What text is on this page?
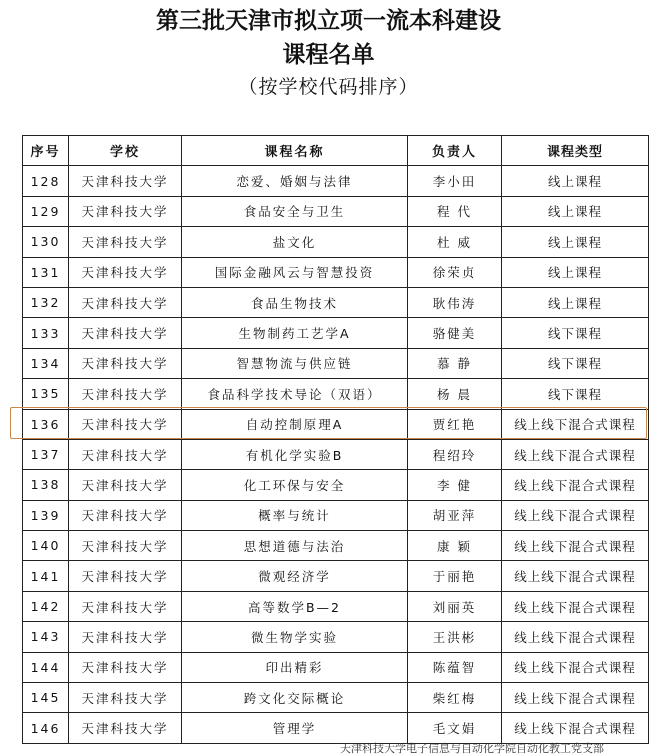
第三批天津市拟立项一流本科建设
课程名单
（按学校代码排序）
序号	学校	课程名称	负责人	课程类型
128	天津科技大学	恋爱、婚姻与法律	李小田	线上课程
129	天津科技大学	食品安全与卫生	程 代	线上课程
130	天津科技大学	盐文化	杜 威	线上课程
131	天津科技大学	国际金融风云与智慧投资	徐荣贞	线上课程
132	天津科技大学	食品生物技术	耿伟涛	线上课程
133	天津科技大学	生物制药工艺学A	骆健美	线下课程
134	天津科技大学	智慧物流与供应链	慕 静	线下课程
135	天津科技大学	食品科学技术导论（双语）	杨 晨	线下课程
136	天津科技大学	自动控制原理A	贾红艳	线上线下混合式课程
137	天津科技大学	有机化学实验B	程绍玲	线上线下混合式课程
138	天津科技大学	化工环保与安全	李 健	线上线下混合式课程
139	天津科技大学	概率与统计	胡亚萍	线上线下混合式课程
140	天津科技大学	思想道德与法治	康 颖	线上线下混合式课程
141	天津科技大学	微观经济学	于丽艳	线上线下混合式课程
142	天津科技大学	高等数学B—2	刘丽英	线上线下混合式课程
143	天津科技大学	微生物学实验	王洪彬	线上线下混合式课程
144	天津科技大学	印出精彩	陈蕴智	线上线下混合式课程
145	天津科技大学	跨文化交际概论	柴红梅	线上线下混合式课程
146	天津科技大学	管理学	毛文娟	线上线下混合式课程
天津科技大学电子信息与自动化学院自动化教工党支部
